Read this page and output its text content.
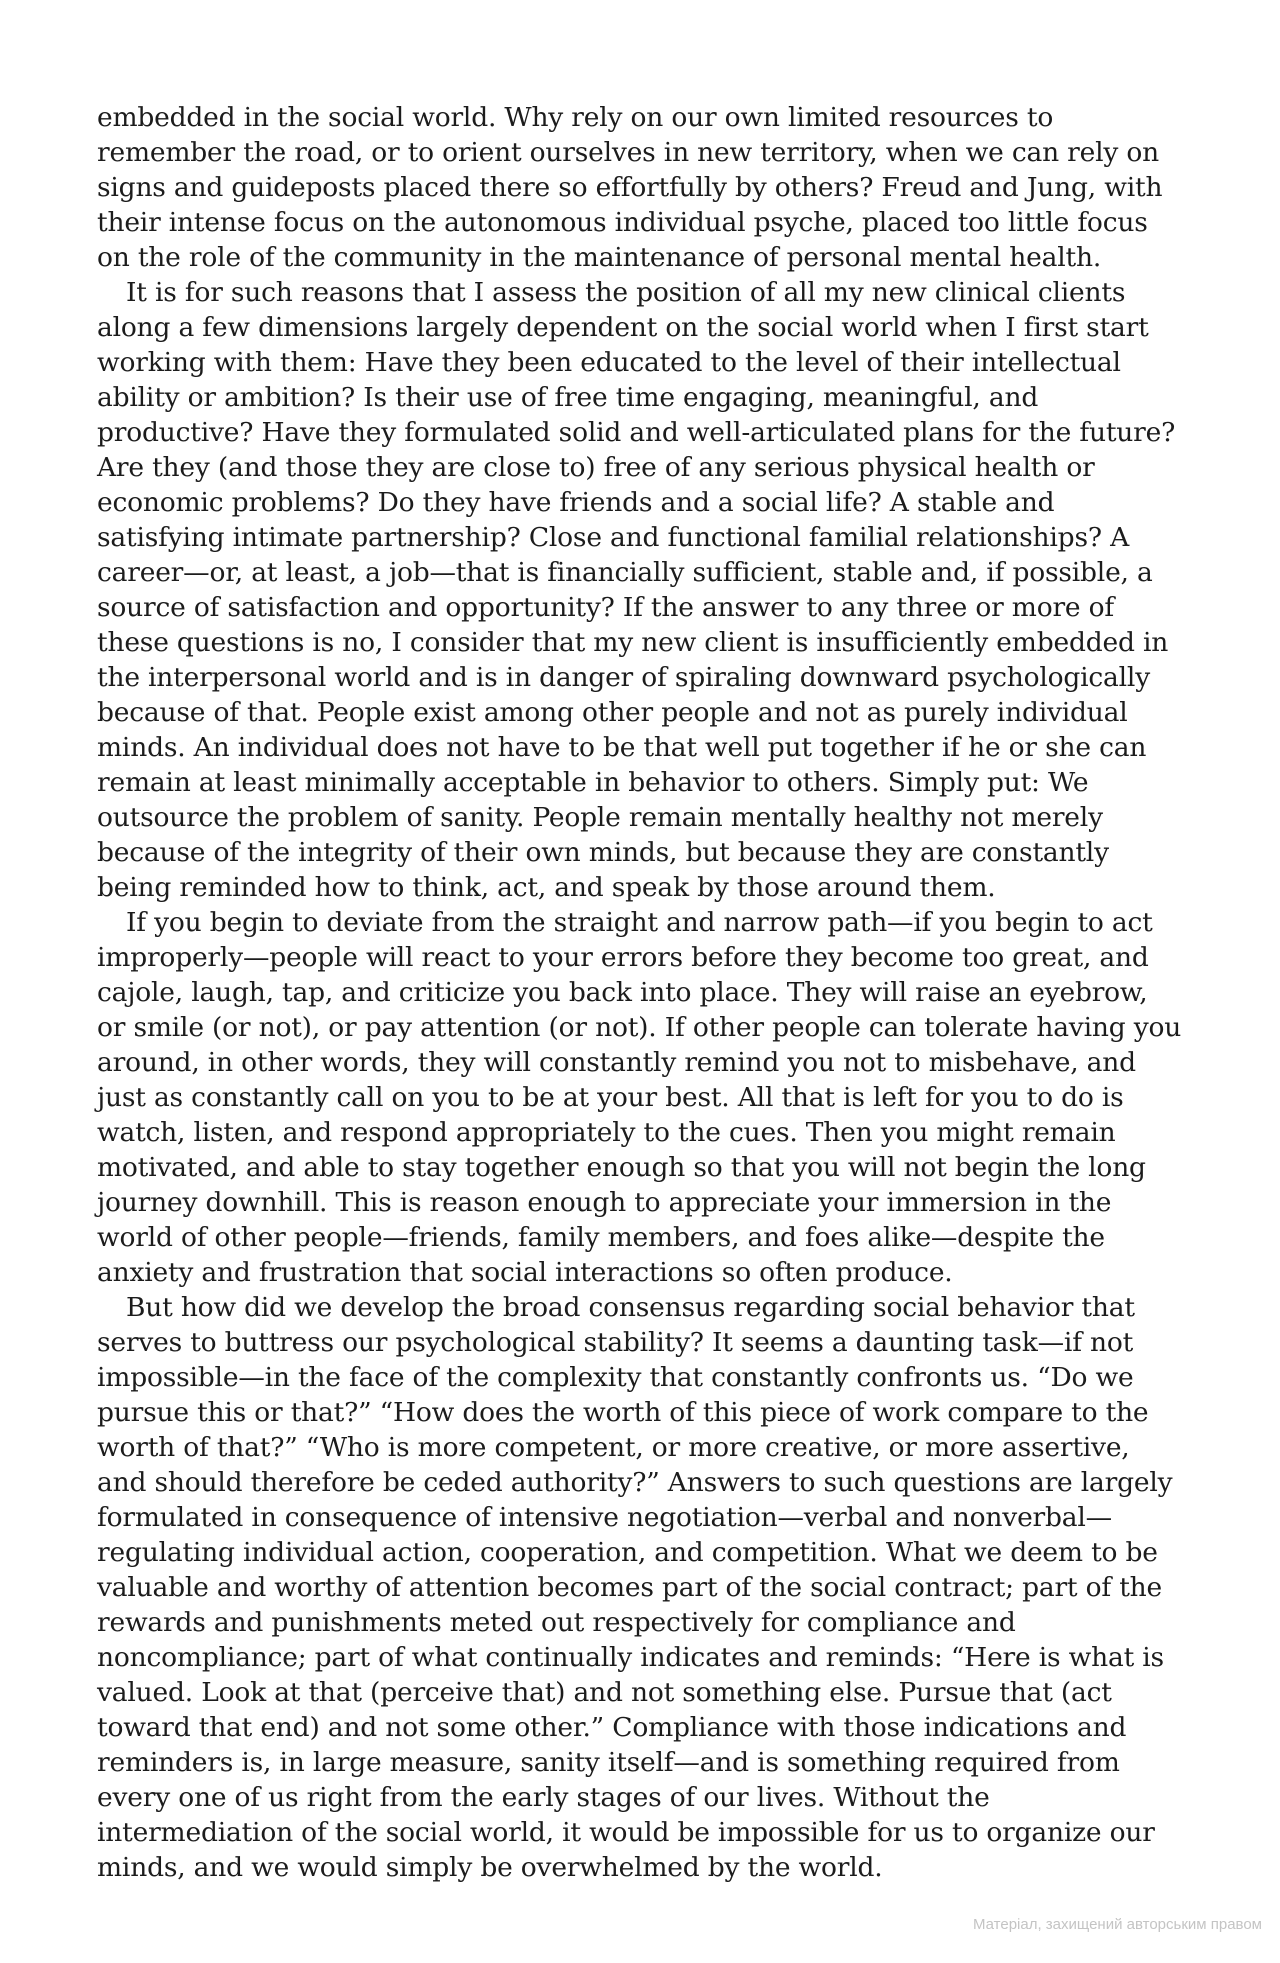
embedded in the social world. Why rely on our own limited resources to remember the road, or to orient ourselves in new territory, when we can rely on signs and guideposts placed there so effortfully by others? Freud and Jung, with their intense focus on the autonomous individual psyche, placed too little focus on the role of the community in the maintenance of personal mental health.

It is for such reasons that I assess the position of all my new clinical clients along a few dimensions largely dependent on the social world when I first start working with them: Have they been educated to the level of their intellectual ability or ambition? Is their use of free time engaging, meaningful, and productive? Have they formulated solid and well-articulated plans for the future? Are they (and those they are close to) free of any serious physical health or economic problems? Do they have friends and a social life? A stable and satisfying intimate partnership? Close and functional familial relationships? A career—or, at least, a job—that is financially sufficient, stable and, if possible, a source of satisfaction and opportunity? If the answer to any three or more of these questions is no, I consider that my new client is insufficiently embedded in the interpersonal world and is in danger of spiraling downward psychologically because of that. People exist among other people and not as purely individual minds. An individual does not have to be that well put together if he or she can remain at least minimally acceptable in behavior to others. Simply put: We outsource the problem of sanity. People remain mentally healthy not merely because of the integrity of their own minds, but because they are constantly being reminded how to think, act, and speak by those around them.

If you begin to deviate from the straight and narrow path—if you begin to act improperly—people will react to your errors before they become too great, and cajole, laugh, tap, and criticize you back into place. They will raise an eyebrow, or smile (or not), or pay attention (or not). If other people can tolerate having you around, in other words, they will constantly remind you not to misbehave, and just as constantly call on you to be at your best. All that is left for you to do is watch, listen, and respond appropriately to the cues. Then you might remain motivated, and able to stay together enough so that you will not begin the long journey downhill. This is reason enough to appreciate your immersion in the world of other people—friends, family members, and foes alike—despite the anxiety and frustration that social interactions so often produce.

But how did we develop the broad consensus regarding social behavior that serves to buttress our psychological stability? It seems a daunting task—if not impossible—in the face of the complexity that constantly confronts us. “Do we pursue this or that?” “How does the worth of this piece of work compare to the worth of that?” “Who is more competent, or more creative, or more assertive, and should therefore be ceded authority?” Answers to such questions are largely formulated in consequence of intensive negotiation—verbal and nonverbal—regulating individual action, cooperation, and competition. What we deem to be valuable and worthy of attention becomes part of the social contract; part of the rewards and punishments meted out respectively for compliance and noncompliance; part of what continually indicates and reminds: “Here is what is valued. Look at that (perceive that) and not something else. Pursue that (act toward that end) and not some other.” Compliance with those indications and reminders is, in large measure, sanity itself—and is something required from every one of us right from the early stages of our lives. Without the intermediation of the social world, it would be impossible for us to organize our minds, and we would simply be overwhelmed by the world.

Матеріал, захищений авторським правом
